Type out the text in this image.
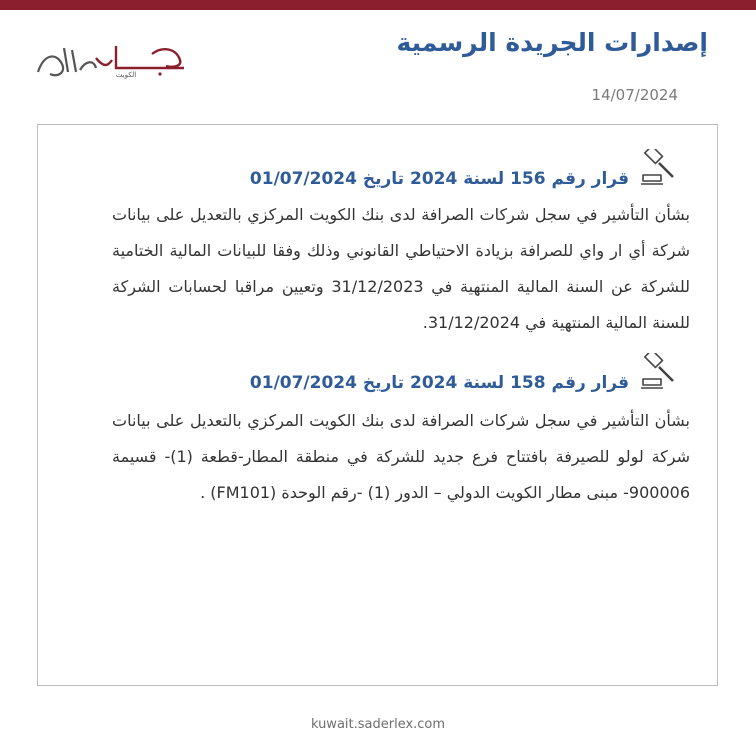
الكويت
إصدارات الجريدة الرسمية
14/07/2024
قرار رقم 156 لسنة 2024 تاريخ 01/07/2024
بشأن التأشير في سجل شركات الصرافة لدى بنك الكويت المركزي بالتعديل على بيانات شركة أي ار واي للصرافة بزيادة الاحتياطي القانوني وذلك وفقا للبيانات المالية الختامية للشركة عن السنة المالية المنتهية في 31/12/2023 وتعيين مراقبا لحسابات الشركة للسنة المالية المنتهية في 31/12/2024.
قرار رقم 158 لسنة 2024 تاريخ 01/07/2024
بشأن التأشير في سجل شركات الصرافة لدى بنك الكويت المركزي بالتعديل على بيانات شركة لولو للصيرفة بافتتاح فرع جديد للشركة في منطقة المطار-قطعة (1)- قسيمة 900006- مبنى مطار الكويت الدولي – الدور (1) -رقم الوحدة (FM101) .
kuwait.saderlex.com
